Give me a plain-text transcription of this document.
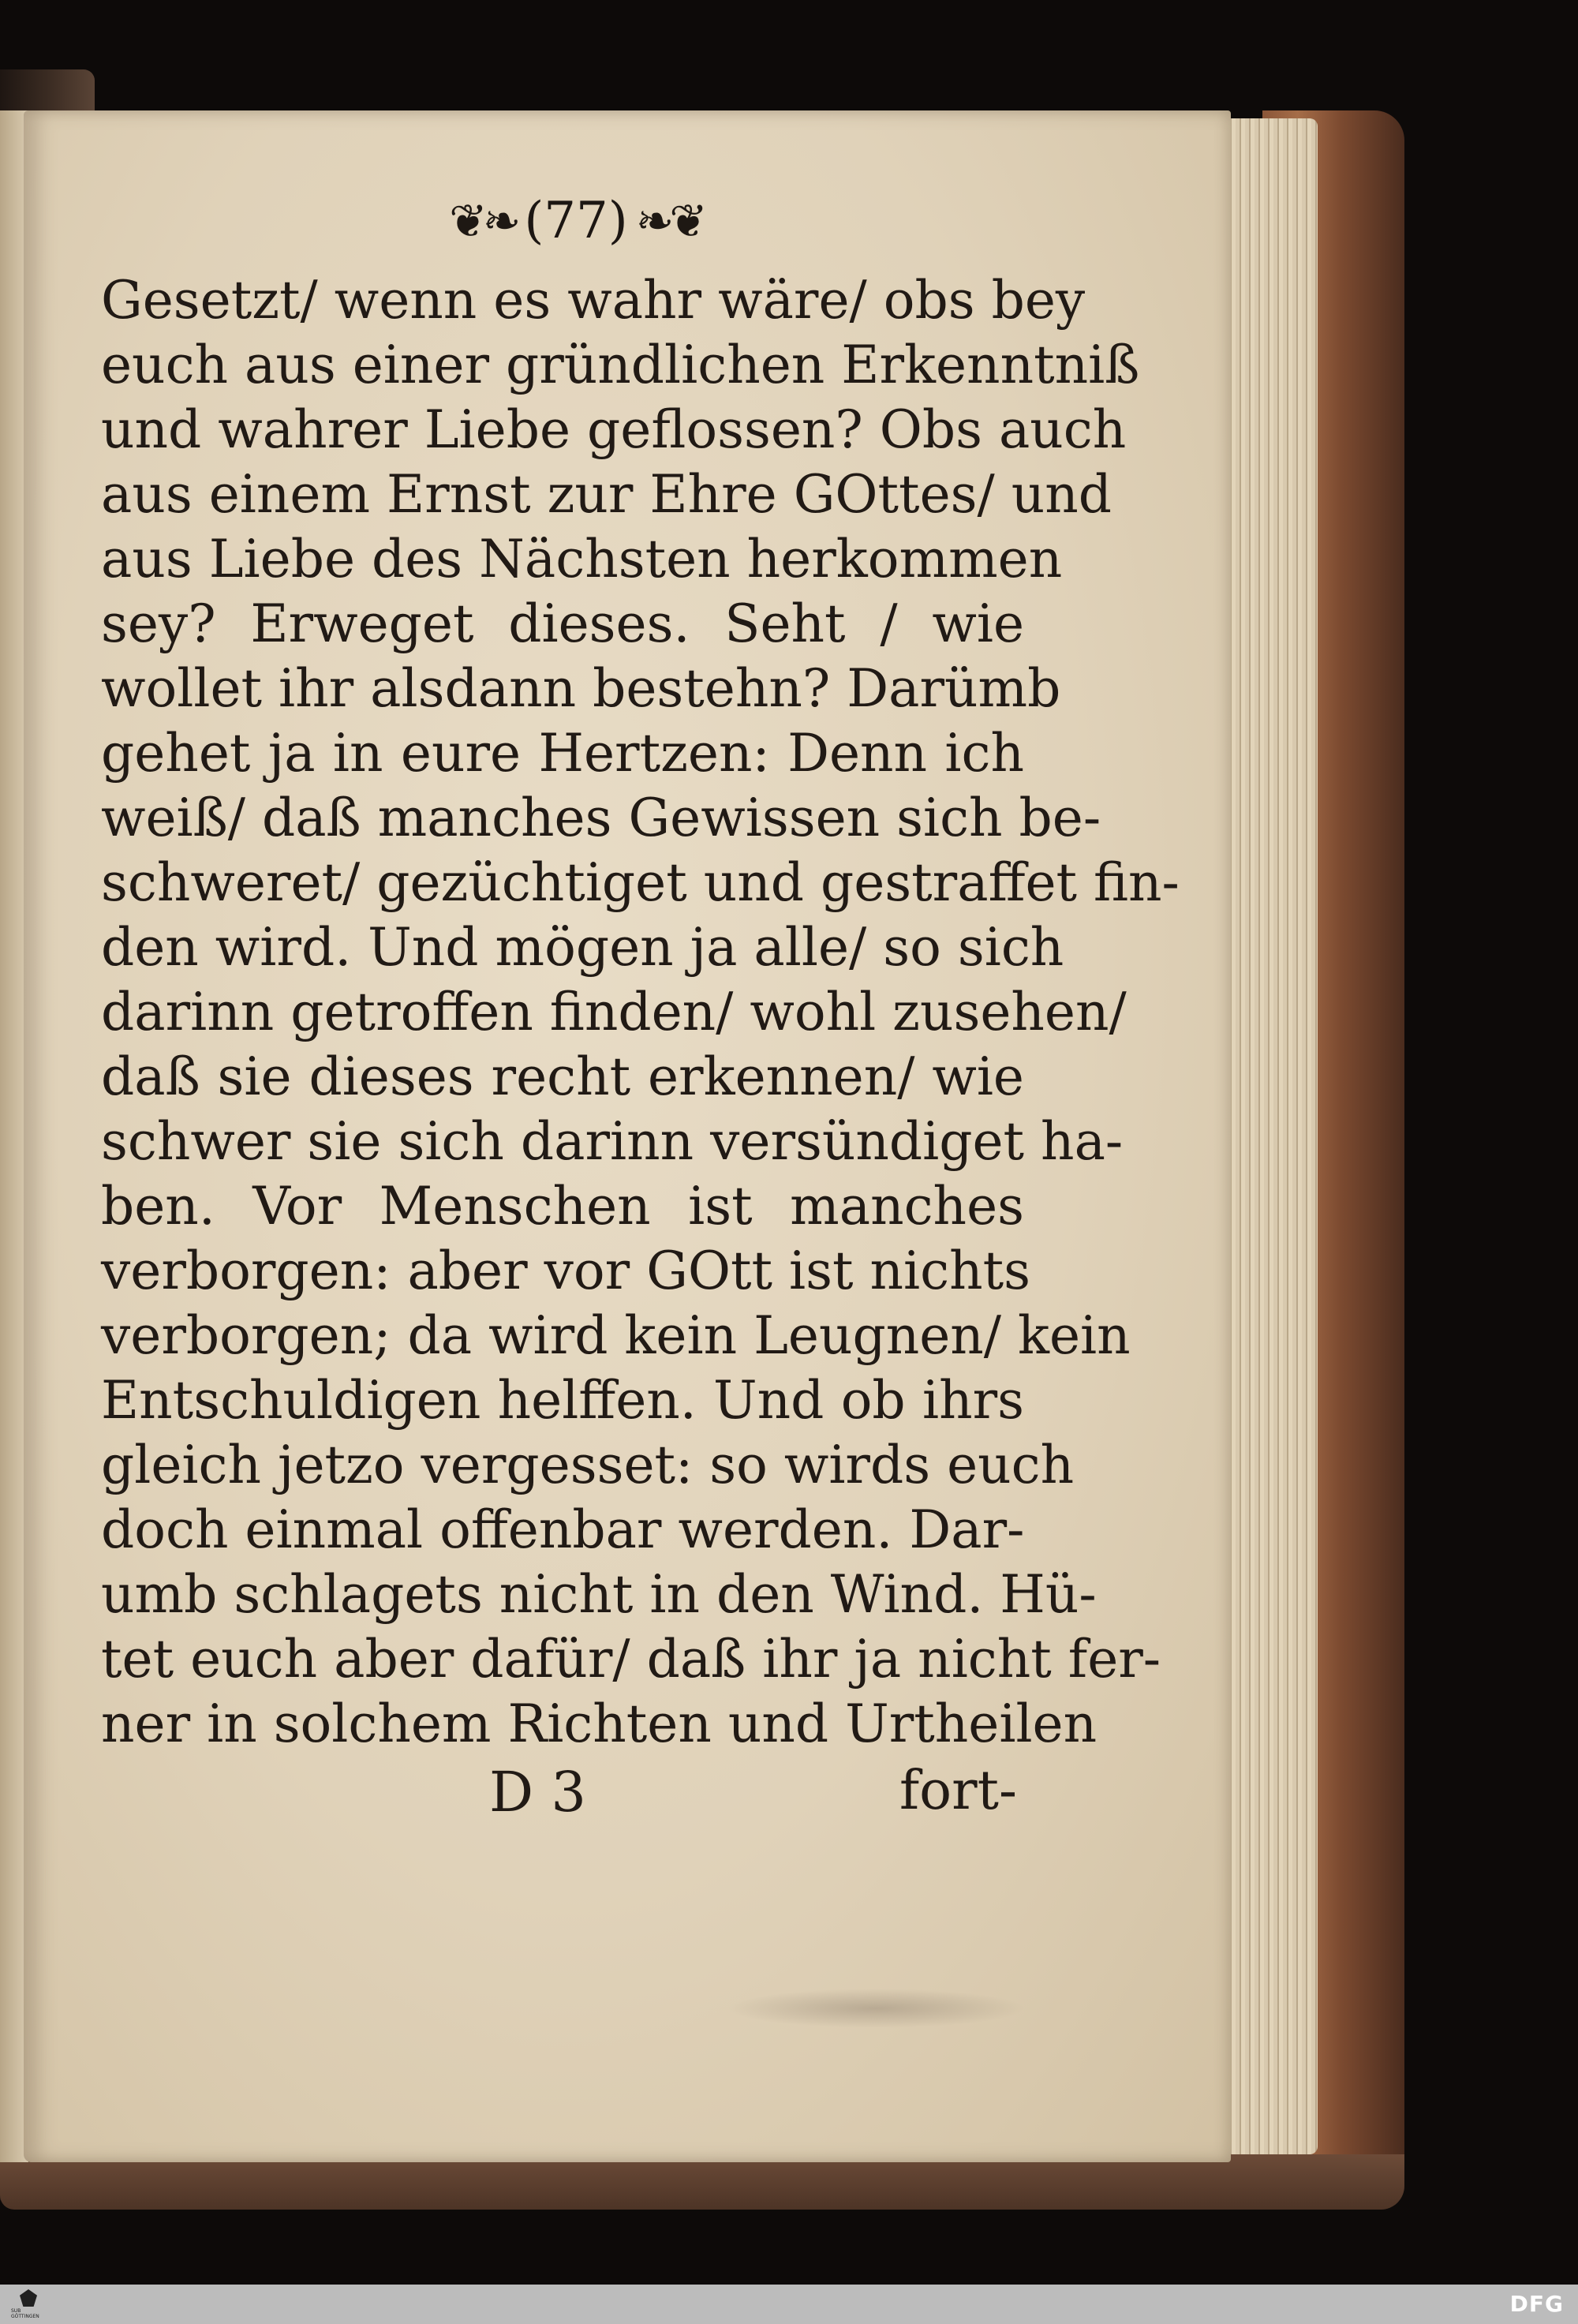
❦❧ (77) ❧❦
Gesetzt/ wenn es wahr wäre/ obs bey
euch aus einer gründlichen Erkenntniß
und wahrer Liebe geflossen? Obs auch
aus einem Ernst zur Ehre GOttes/ und
aus Liebe des Nächsten herkommen
sey? Erweget dieses. Seht / wie
wollet ihr alsdann bestehn? Darümb
gehet ja in eure Hertzen: Denn ich
weiß/ daß manches Gewissen sich be-
schweret/ gezüchtiget und gestraffet fin-
den wird. Und mögen ja alle/ so sich
darinn getroffen finden/ wohl zusehen/
daß sie dieses recht erkennen/ wie
schwer sie sich darinn versündiget ha-
ben. Vor Menschen ist manches
verborgen: aber vor GOtt ist nichts
verborgen; da wird kein Leugnen/ kein
Entschuldigen helffen. Und ob ihrs
gleich jetzo vergesset: so wirds euch
doch einmal offenbar werden. Dar-
umb schlagets nicht in den Wind. Hü-
tet euch aber dafür/ daß ihr ja nicht fer-
ner in solchem Richten und Urtheilen
D 3	fort-
SUB GÖTTINGEN	DFG
